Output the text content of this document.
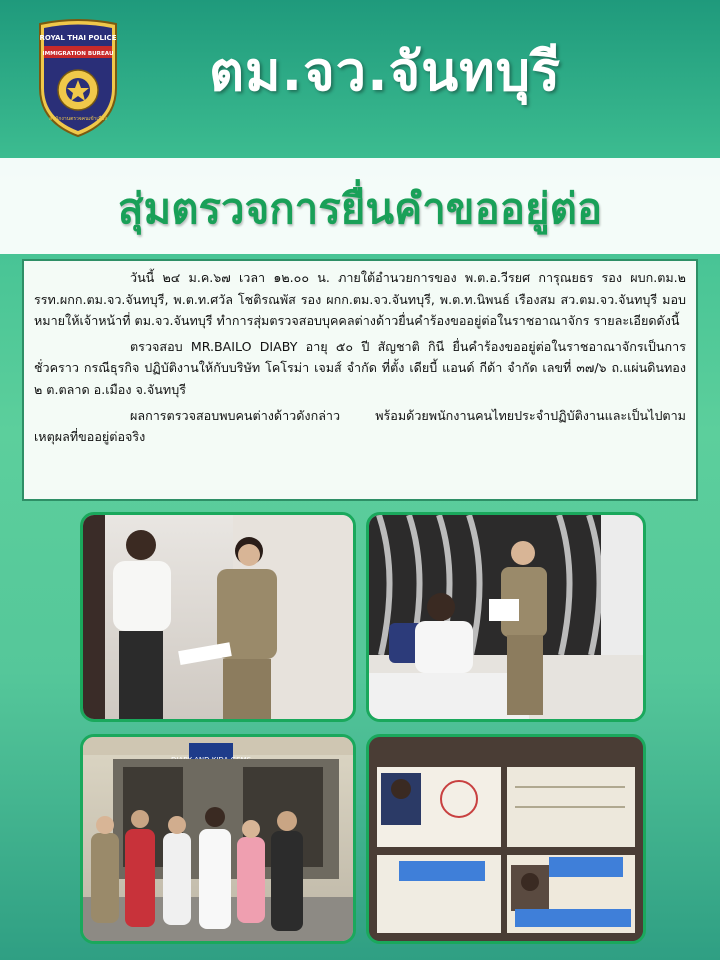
ROYAL THAI POLICE
IMMIGRATION BUREAU
สำนักงานตรวจคนเข้าเมือง
ตม.จว.จันทบุรี
สุ่มตรวจการยื่นคำขออยู่ต่อ

วันนี้ ๒๔ ม.ค.๖๗ เวลา ๑๒.๐๐ น. ภายใต้อำนวยการของ พ.ต.อ.วีรยศ การุณยธร รอง ผบก.ตม.๒ รรท.ผกก.ตม.จว.จันทบุรี, พ.ต.ท.ศวัล โชติรณพัส รอง ผกก.ตม.จว.จันทบุรี, พ.ต.ท.นิพนธ์ เรืองสม สว.ตม.จว.จันทบุรี มอบหมายให้เจ้าหน้าที่ ตม.จว.จันทบุรี ทำการสุ่มตรวจสอบบุคคลต่างด้าวยื่นคำร้องขออยู่ต่อในราชอาณาจักร รายละเอียดดังนี้

ตรวจสอบ MR.BAILO DIABY อายุ ๕๐ ปี สัญชาติ กินี ยื่นคำร้องขออยู่ต่อในราชอาณาจักรเป็นการชั่วคราว กรณีธุรกิจ ปฏิบัติงานให้กับบริษัท โคโรม่า เจมส์ จำกัด ที่ตั้ง เดียบี้ แอนด์ กีด้า จำกัด เลขที่ ๓๗/๖ ถ.แผ่นดินทอง ๒ ต.ตลาด อ.เมือง จ.จันทบุรี

ผลการตรวจสอบพบคนต่างด้าวดังกล่าว พร้อมด้วยพนักงานคนไทยประจำปฏิบัติงานและเป็นไปตามเหตุผลที่ขออยู่ต่อจริง
